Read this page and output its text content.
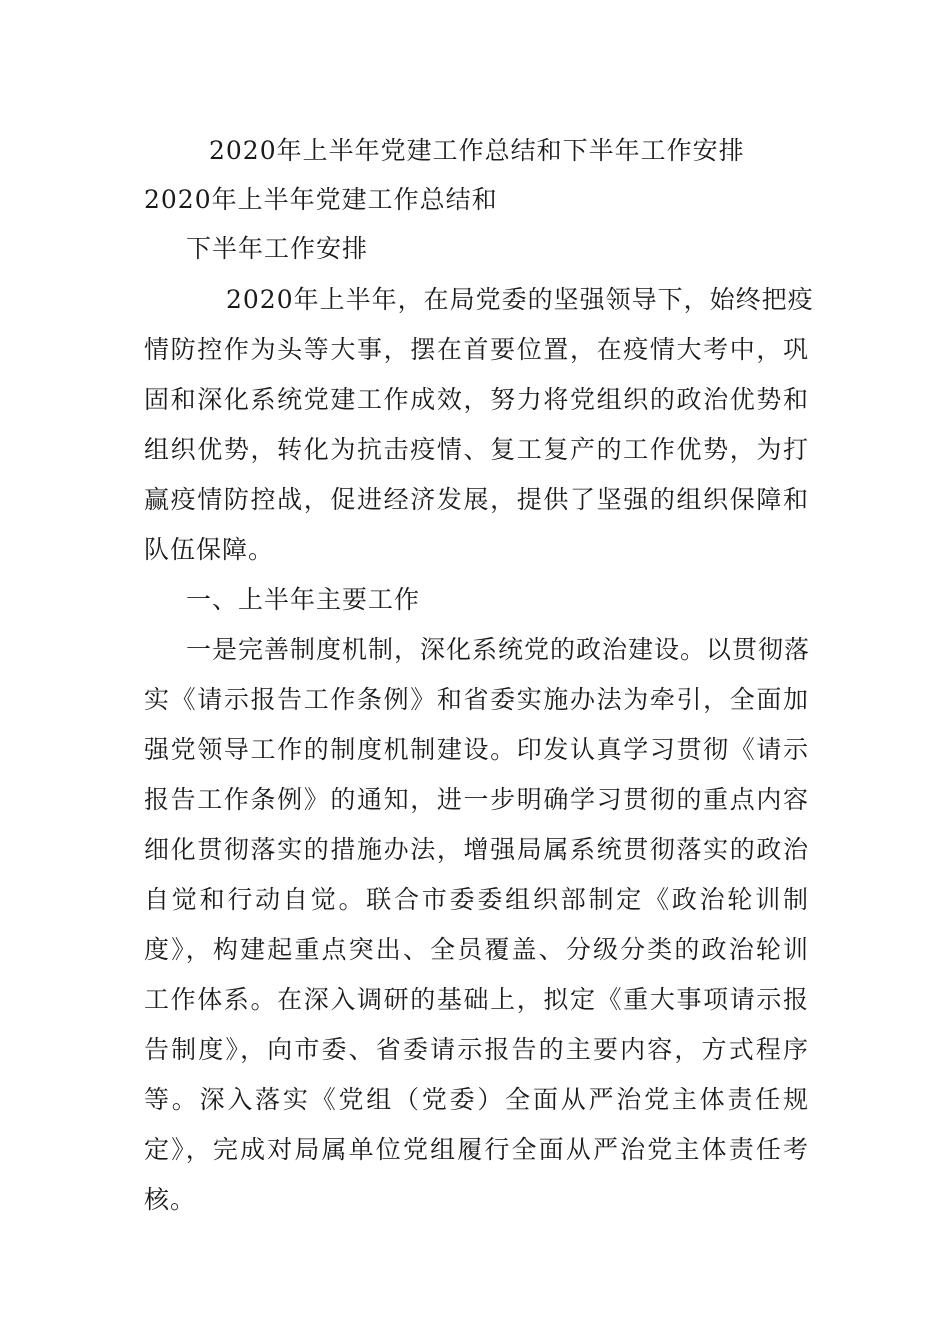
2020年上半年党建工作总结和下半年工作安排
2020年上半年党建工作总结和
下半年工作安排
2020年上半年，在局党委的坚强领导下，始终把疫
情防控作为头等大事，摆在首要位置，在疫情大考中，巩
固和深化系统党建工作成效，努力将党组织的政治优势和
组织优势，转化为抗击疫情、复工复产的工作优势，为打
赢疫情防控战，促进经济发展，提供了坚强的组织保障和
队伍保障。
一、上半年主要工作
一是完善制度机制，深化系统党的政治建设。以贯彻落
实《请示报告工作条例》和省委实施办法为牵引，全面加
强党领导工作的制度机制建设。印发认真学习贯彻《请示
报告工作条例》的通知，进一步明确学习贯彻的重点内容
细化贯彻落实的措施办法，增强局属系统贯彻落实的政治
自觉和行动自觉。联合市委委组织部制定《政治轮训制
度》，构建起重点突出、全员覆盖、分级分类的政治轮训
工作体系。在深入调研的基础上，拟定《重大事项请示报
告制度》，向市委、省委请示报告的主要内容，方式程序
等。深入落实《党组（党委）全面从严治党主体责任规
定》，完成对局属单位党组履行全面从严治党主体责任考
核。
